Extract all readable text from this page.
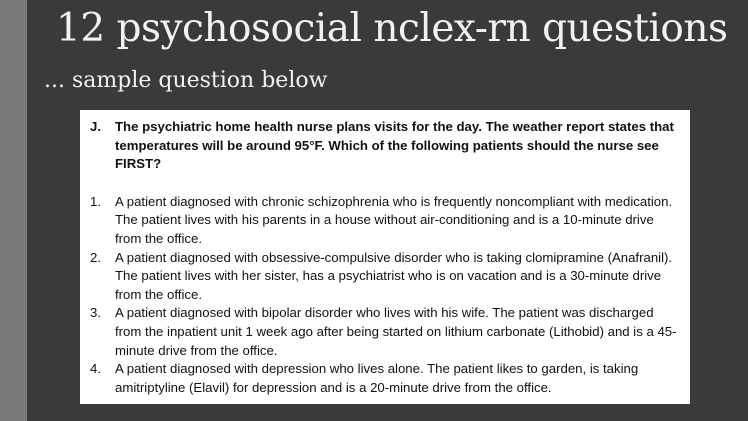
12 psychosocial nclex-rn questions
... sample question below
J.	The psychiatric home health nurse plans visits for the day. The weather report states that temperatures will be around 95°F. Which of the following patients should the nurse see FIRST?
1.	A patient diagnosed with chronic schizophrenia who is frequently noncompliant with medication. The patient lives with his parents in a house without air-conditioning and is a 10-minute drive from the office.
2.	A patient diagnosed with obsessive-compulsive disorder who is taking clomipramine (Anafranil). The patient lives with her sister, has a psychiatrist who is on vacation and is a 30-minute drive from the office.
3.	A patient diagnosed with bipolar disorder who lives with his wife. The patient was discharged from the inpatient unit 1 week ago after being started on lithium carbonate (Lithobid) and is a 45-minute drive from the office.
4.	A patient diagnosed with depression who lives alone. The patient likes to garden, is taking amitriptyline (Elavil) for depression and is a 20-minute drive from the office.
